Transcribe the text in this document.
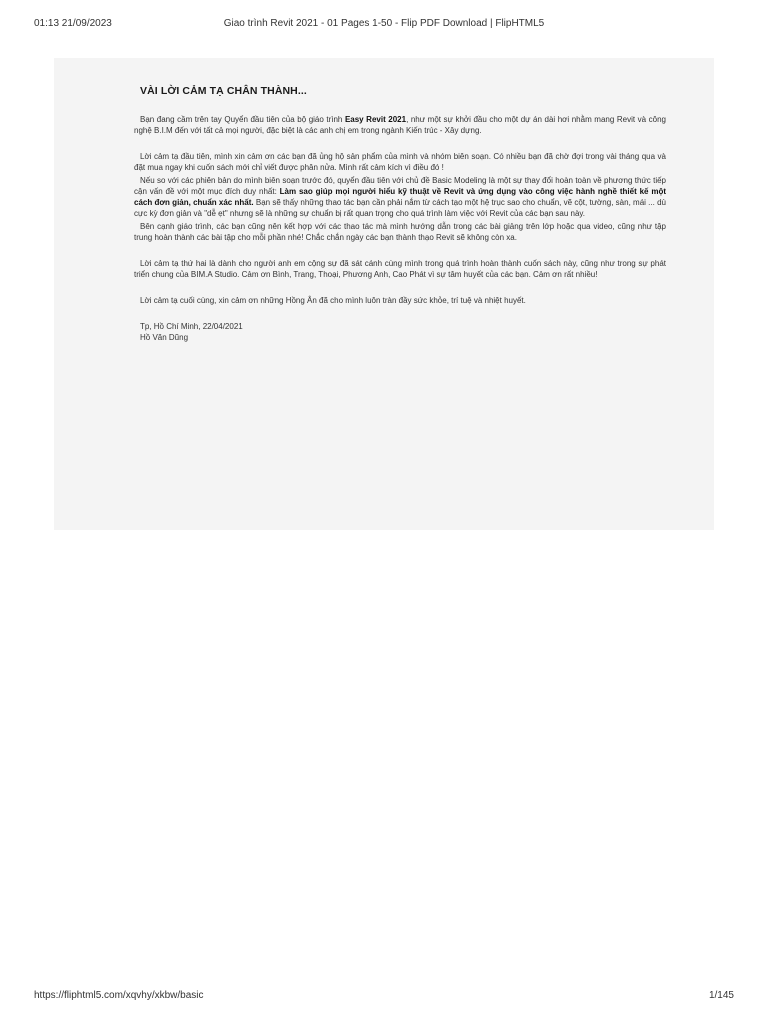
01:13 21/09/2023	Giao trình Revit 2021 - 01 Pages 1-50 - Flip PDF Download | FlipHTML5
VÀI LỜI CẢM TẠ CHÂN THÀNH...

Bạn đang cầm trên tay Quyển đầu tiên của bộ giáo trình Easy Revit 2021, như một sự khởi đầu cho một dự án dài hơi nhằm mang Revit và công nghệ B.I.M đến với tất cả mọi người, đặc biệt là các anh chị em trong ngành Kiến trúc - Xây dựng.

Lời cảm tạ đầu tiên, mình xin cảm ơn các bạn đã ủng hộ sản phẩm của mình và nhóm biên soạn. Có nhiều bạn đã chờ đợi trong vài tháng qua và đặt mua ngay khi cuốn sách mới chỉ viết được phân nửa. Mình rất cảm kích vì điều đó !

Nếu so với các phiên bản do mình biên soạn trước đó, quyển đầu tiên với chủ đề Basic Modeling là một sự thay đổi hoàn toàn về phương thức tiếp cận vấn đề với một mục đích duy nhất: Làm sao giúp mọi người hiểu kỹ thuật về Revit và ứng dụng vào công việc hành nghề thiết kế một cách đơn giản, chuẩn xác nhất. Bạn sẽ thấy những thao tác bạn cần phải nắm từ cách tạo một hệ trục sao cho chuẩn, vẽ cột, tường, sàn, mái ... dù cực kỳ đơn giản và "dễ ẹt" nhưng sẽ là những sự chuẩn bị rất quan trọng cho quá trình làm việc với Revit của các bạn sau này.

Bên cạnh giáo trình, các bạn cũng nên kết hợp với các thao tác mà mình hướng dẫn trong các bài giảng trên lớp hoặc qua video, cũng như tập trung hoàn thành các bài tập cho mỗi phần nhé! Chắc chắn ngày các bạn thành thạo Revit sẽ không còn xa.

Lời cảm tạ thứ hai là dành cho người anh em cộng sự đã sát cánh cùng mình trong quá trình hoàn thành cuốn sách này, cũng như trong sự phát triển chung của BIM.A Studio. Cảm ơn Bình, Trang, Thoại, Phương Anh, Cao Phát vì sự tâm huyết của các bạn. Cảm ơn rất nhiều!

Lời cảm tạ cuối cùng, xin cảm ơn những Hồng Ân đã cho mình luôn tràn đầy sức khỏe, trí tuệ và nhiệt huyết.

Tp, Hồ Chí Minh, 22/04/2021

Hồ Văn Dũng

https://fliphtml5.com/xqvhy/xkbw/basic	1/145
